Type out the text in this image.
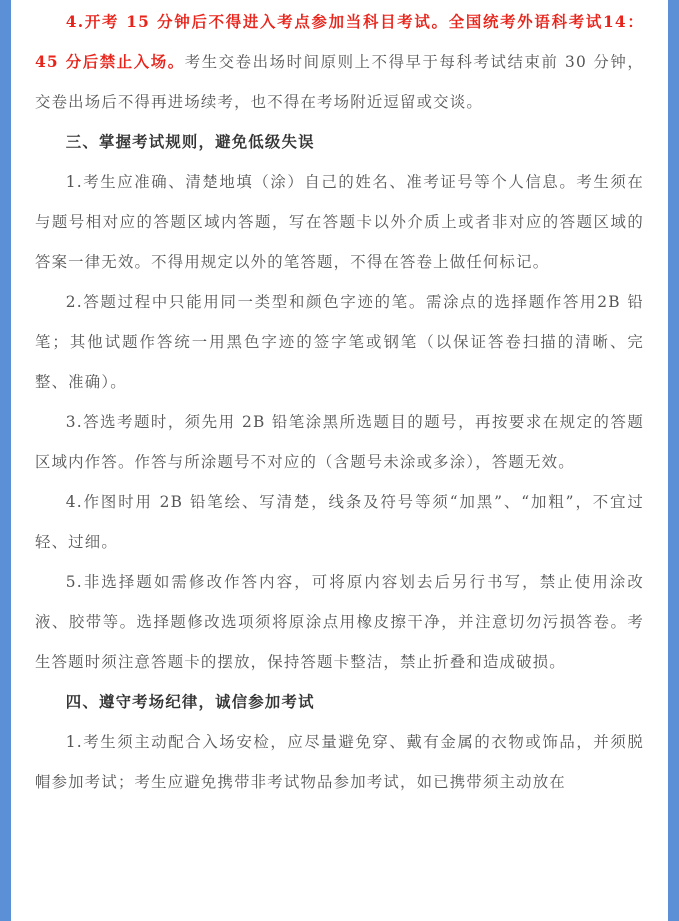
4.开考 15 分钟后不得进入考点参加当科目考试。全国统考外语科考试14：45 分后禁止入场。考生交卷出场时间原则上不得早于每科考试结束前 30 分钟，交卷出场后不得再进场续考，也不得在考场附近逗留或交谈。

三、掌握考试规则，避免低级失误

1.考生应准确、清楚地填（涂）自己的姓名、准考证号等个人信息。考生须在与题号相对应的答题区域内答题，写在答题卡以外介质上或者非对应的答题区域的答案一律无效。不得用规定以外的笔答题，不得在答卷上做任何标记。

2.答题过程中只能用同一类型和颜色字迹的笔。需涂点的选择题作答用2B 铅笔；其他试题作答统一用黑色字迹的签字笔或钢笔（以保证答卷扫描的清晰、完整、准确）。

3.答选考题时，须先用 2B 铅笔涂黑所选题目的题号，再按要求在规定的答题区域内作答。作答与所涂题号不对应的（含题号未涂或多涂），答题无效。

4.作图时用 2B 铅笔绘、写清楚，线条及符号等须“加黑”、“加粗”，不宜过轻、过细。

5.非选择题如需修改作答内容，可将原内容划去后另行书写，禁止使用涂改液、胶带等。选择题修改选项须将原涂点用橡皮擦干净，并注意切勿污损答卷。考生答题时须注意答题卡的摆放，保持答题卡整洁，禁止折叠和造成破损。

四、遵守考场纪律，诚信参加考试

1.考生须主动配合入场安检，应尽量避免穿、戴有金属的衣物或饰品，并须脱帽参加考试；考生应避免携带非考试物品参加考试，如已携带须主动放在
